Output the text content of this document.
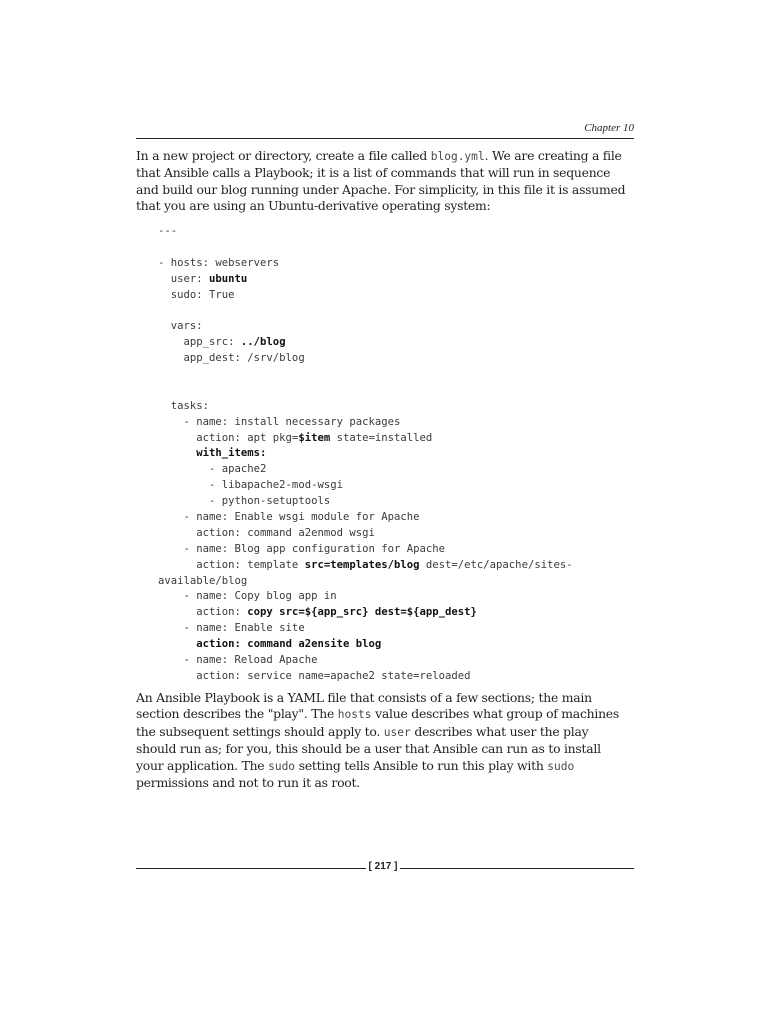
Chapter 10

In a new project or directory, create a file called blog.yml. We are creating a file that Ansible calls a Playbook; it is a list of commands that will run in sequence and build our blog running under Apache. For simplicity, in this file it is assumed that you are using an Ubuntu-derivative operating system:

---
- hosts: webservers
user: ubuntu
sudo: True
vars:
app_src: ../blog
app_dest: /srv/blog
tasks:
- name: install necessary packages
action: apt pkg=$item state=installed
with_items:
- apache2
- libapache2-mod-wsgi
- python-setuptools
- name: Enable wsgi module for Apache
action: command a2enmod wsgi
- name: Blog app configuration for Apache
action: template src=templates/blog dest=/etc/apache/sites-
available/blog
- name: Copy blog app in
action: copy src=${app_src} dest=${app_dest}
- name: Enable site
action: command a2ensite blog
- name: Reload Apache
action: service name=apache2 state=reloaded

An Ansible Playbook is a YAML file that consists of a few sections; the main section describes the "play". The hosts value describes what group of machines the subsequent settings should apply to. user describes what user the play should run as; for you, this should be a user that Ansible can run as to install your application. The sudo setting tells Ansible to run this play with sudo permissions and not to run it as root.

[ 217 ]
